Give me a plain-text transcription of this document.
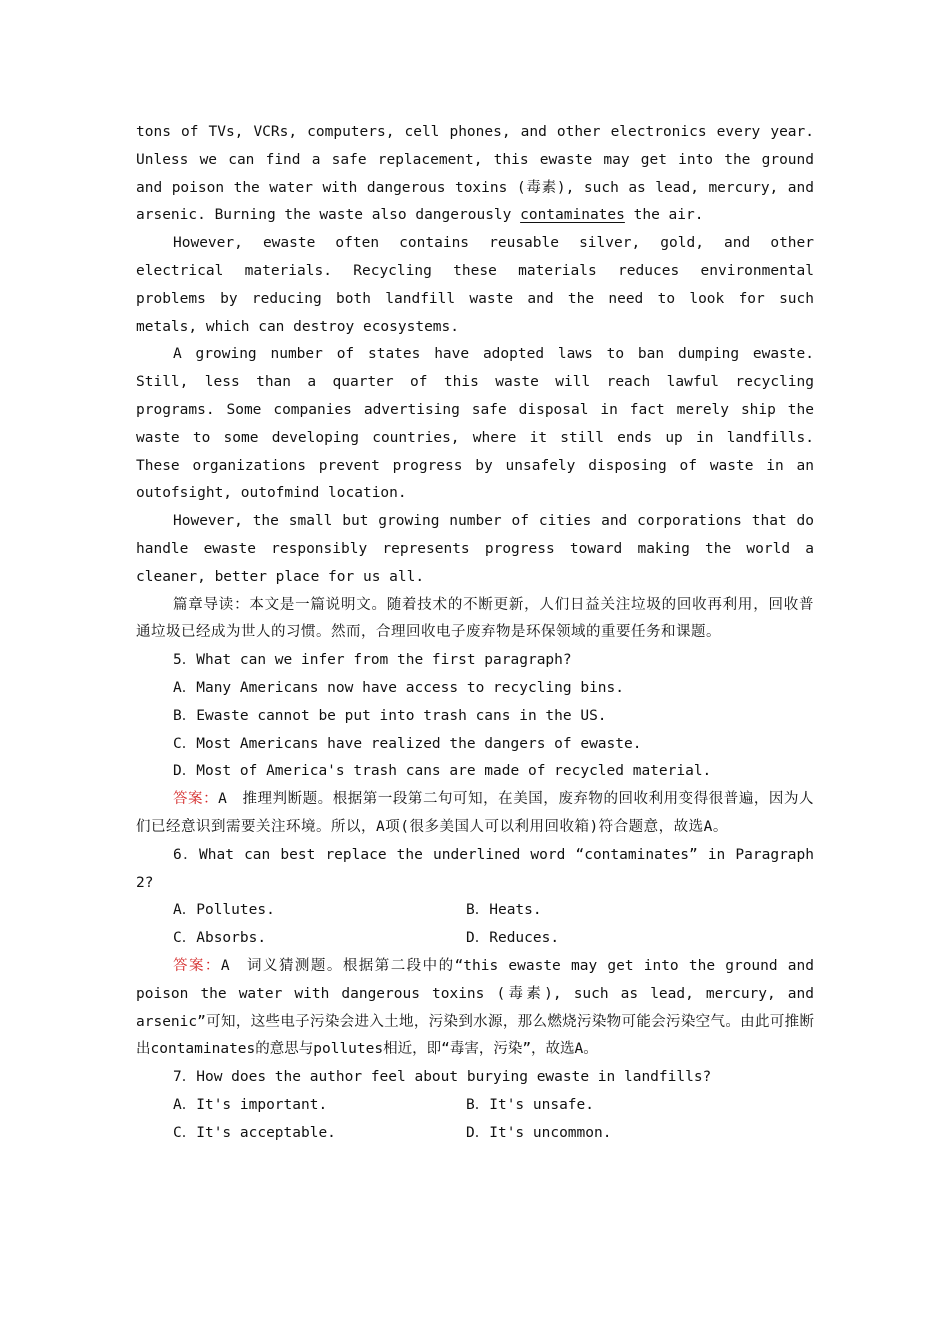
tons of TVs, VCRs, computers, cell phones, and other electronics every year. Unless we can find a safe replacement, this ewaste may get into the ground and poison the water with dangerous toxins (毒素), such as lead, mercury, and arsenic. Burning the waste also dangerously contaminates the air.

However, ewaste often contains reusable silver, gold, and other electrical materials. Recycling these materials reduces environmental problems by reducing both landfill waste and the need to look for such metals, which can destroy ecosystems.

A growing number of states have adopted laws to ban dumping ewaste. Still, less than a quarter of this waste will reach lawful recycling programs. Some companies advertising safe disposal in fact merely ship the waste to some developing countries, where it still ends up in landfills. These organizations prevent progress by unsafely disposing of waste in an outofsight, outofmind location.

However, the small but growing number of cities and corporations that do handle ewaste responsibly represents progress toward making the world a cleaner, better place for us all.

篇章导读：本文是一篇说明文。随着技术的不断更新，人们日益关注垃圾的回收再利用，回收普通垃圾已经成为世人的习惯。然而，合理回收电子废弃物是环保领域的重要任务和课题。

5．What can we infer from the first paragraph?

A．Many Americans now have access to recycling bins.

B．Ewaste cannot be put into trash cans in the US.

C．Most Americans have realized the dangers of ewaste.

D．Most of America's trash cans are made of recycled material.

答案：A　推理判断题。根据第一段第二句可知，在美国，废弃物的回收利用变得很普遍，因为人们已经意识到需要关注环境。所以，A项(很多美国人可以利用回收箱)符合题意，故选A。

6．What can best replace the underlined word “contaminates” in Paragraph 2?

A．Pollutes.	B．Heats.
C．Absorbs.	D．Reduces.

答案：A　词义猜测题。根据第二段中的“this ewaste may get into the ground and poison the water with dangerous toxins (毒素), such as lead, mercury, and arsenic”可知，这些电子污染会进入土地，污染到水源，那么燃烧污染物可能会污染空气。由此可推断出contaminates的意思与pollutes相近，即“毒害，污染”，故选A。

7．How does the author feel about burying ewaste in landfills?

A．It's important.	B．It's unsafe.
C．It's acceptable.	D．It's uncommon.
